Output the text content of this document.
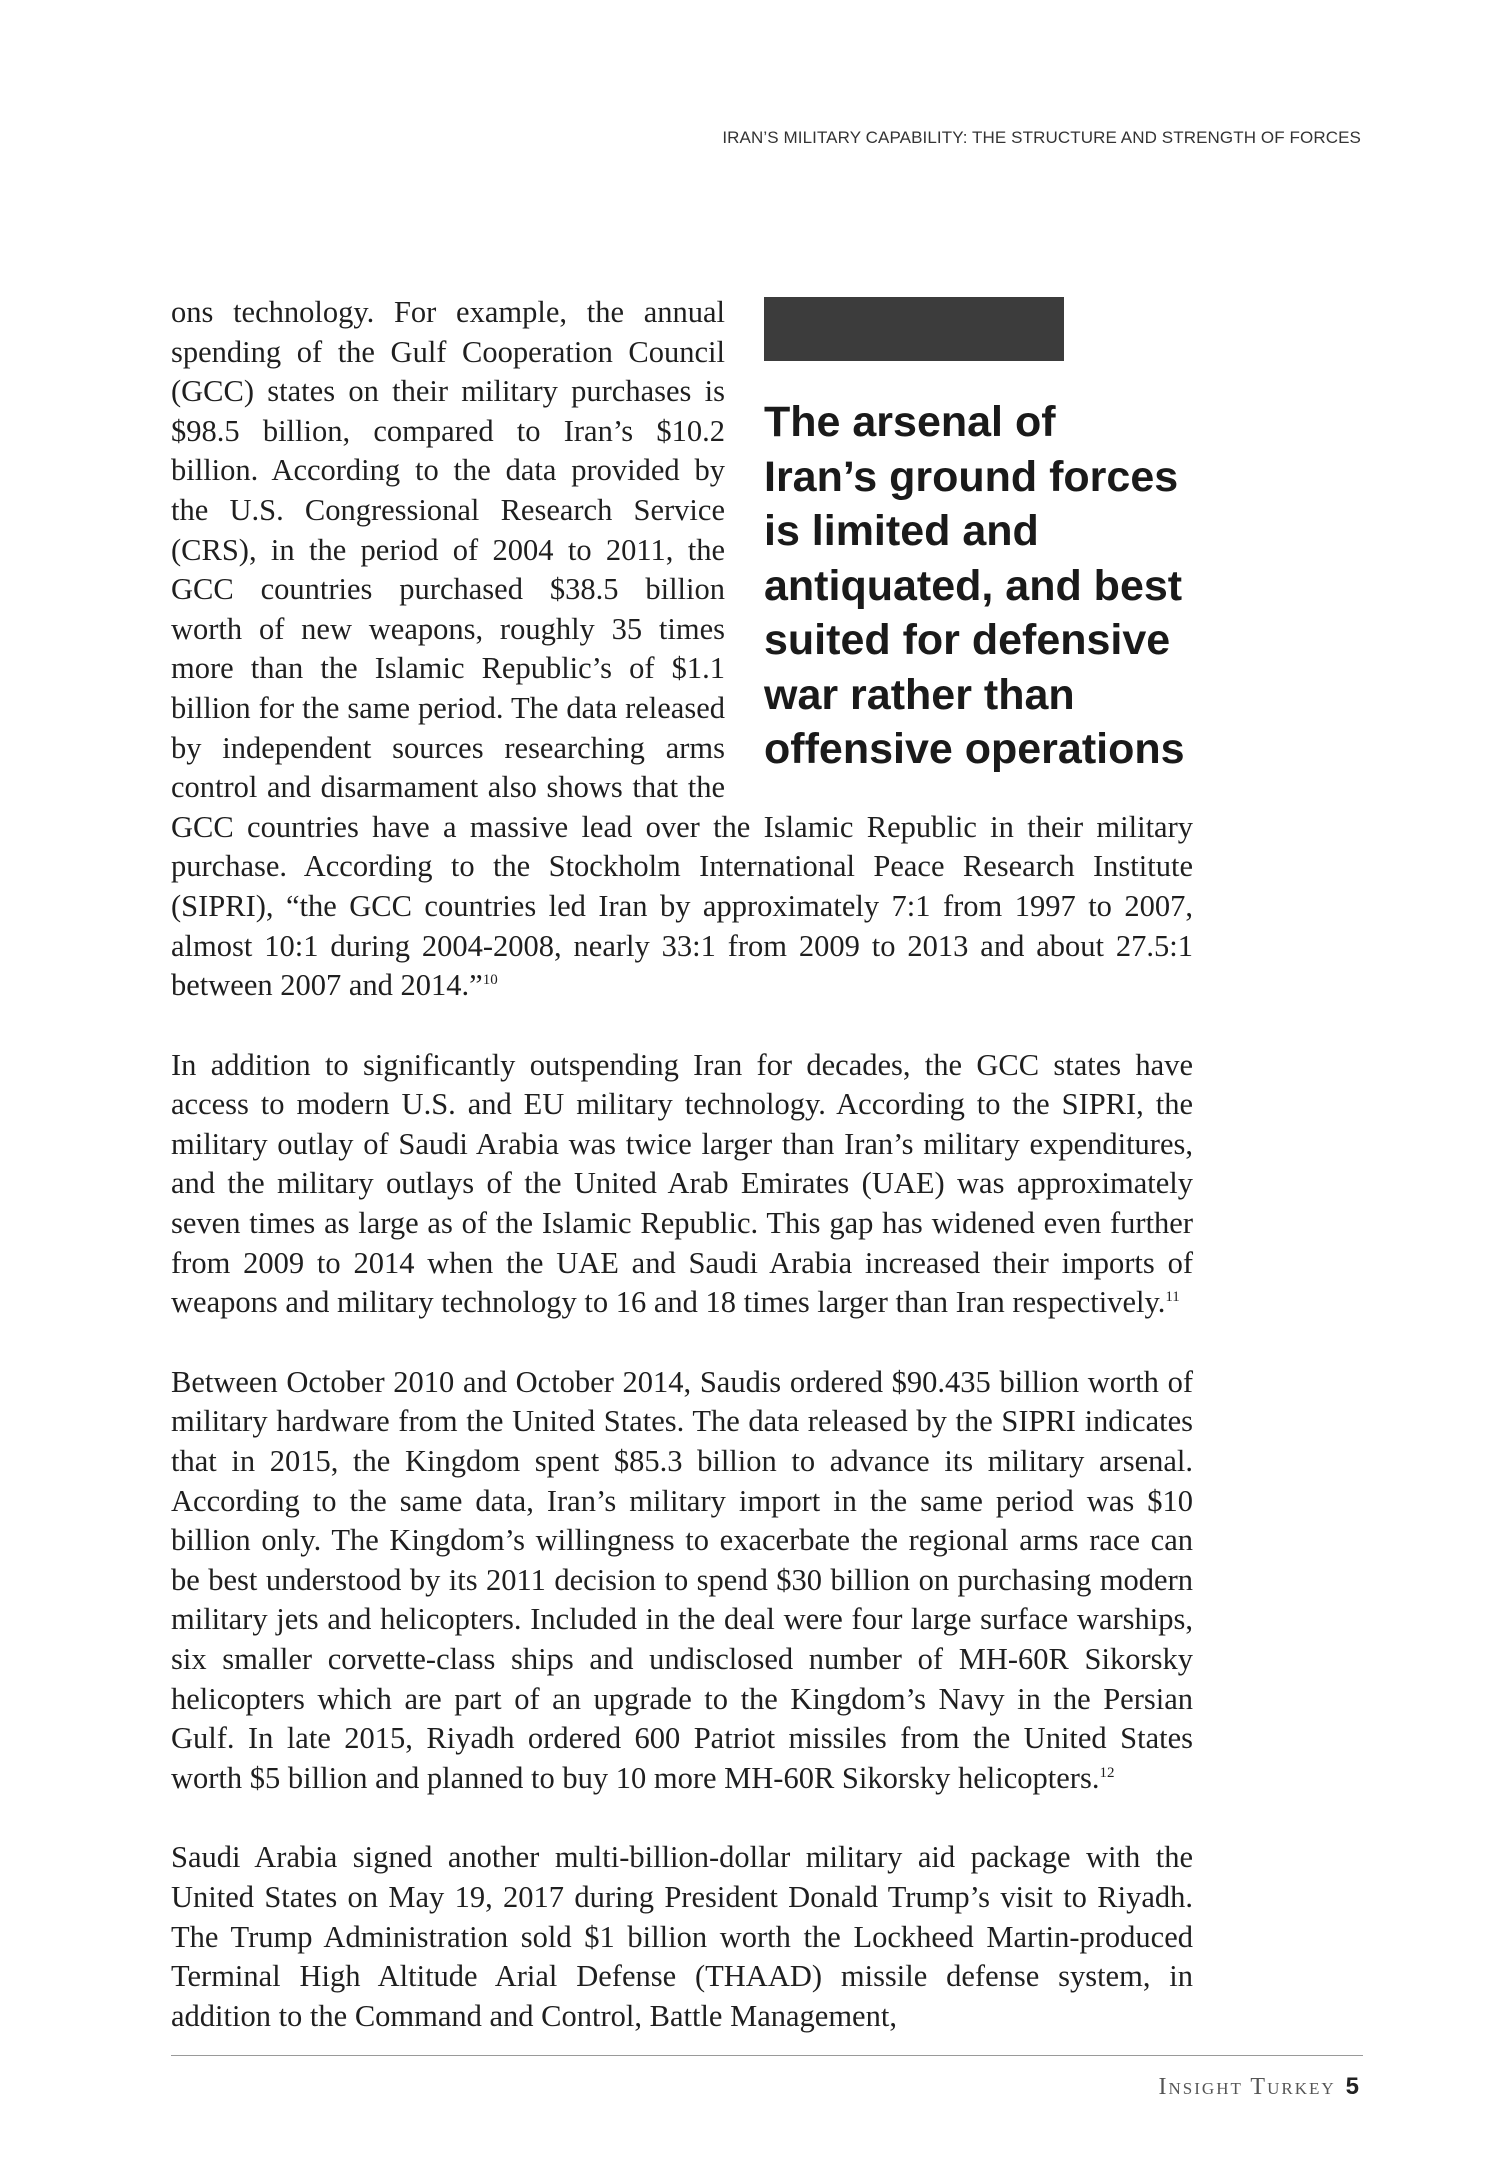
IRAN’S MILITARY CAPABILITY: THE STRUCTURE AND STRENGTH OF FORCES
The arsenal of
Iran’s ground forces
is limited and
antiquated, and best
suited for defensive
war rather than
offensive operations

ons technology. For example, the annual spending of the Gulf Cooperation Council (GCC) states on their military purchases is $98.5 billion, compared to Iran’s $10.2 billion. According to the data provided by the U.S. Congressional Research Service (CRS), in the period of 2004 to 2011, the GCC countries purchased $38.5 billion worth of new weapons, roughly 35 times more than the Islamic Republic’s of $1.1 billion for the same period. The data released by independent sources researching arms control and disarmament also shows that the GCC countries have a massive lead over the Islamic Republic in their military purchase. According to the Stockholm International Peace Research Institute (SIPRI), “the GCC countries led Iran by approximately 7:1 from 1997 to 2007, almost 10:1 during 2004-2008, nearly 33:1 from 2009 to 2013 and about 27.5:1 between 2007 and 2014.”$^{10}$

In addition to significantly outspending Iran for decades, the GCC states have access to modern U.S. and EU military technology. According to the SIPRI, the military outlay of Saudi Arabia was twice larger than Iran’s military expenditures, and the military outlays of the United Arab Emirates (UAE) was approximately seven times as large as of the Islamic Republic. This gap has widened even further from 2009 to 2014 when the UAE and Saudi Arabia increased their imports of weapons and military technology to 16 and 18 times larger than Iran respectively.$^{11}$

Between October 2010 and October 2014, Saudis ordered $90.435 billion worth of military hardware from the United States. The data released by the SIPRI indicates that in 2015, the Kingdom spent $85.3 billion to advance its military arsenal. According to the same data, Iran’s military import in the same period was $10 billion only. The Kingdom’s willingness to exacerbate the regional arms race can be best understood by its 2011 decision to spend $30 billion on purchasing modern military jets and helicopters. Included in the deal were four large surface warships, six smaller corvette-class ships and undisclosed number of MH-60R Sikorsky helicopters which are part of an upgrade to the Kingdom’s Navy in the Persian Gulf. In late 2015, Riyadh ordered 600 Patriot missiles from the United States worth $5 billion and planned to buy 10 more MH-60R Sikorsky helicopters.$^{12}$

Saudi Arabia signed another multi-billion-dollar military aid package with the United States on May 19, 2017 during President Donald Trump’s visit to Riyadh. The Trump Administration sold $1 billion worth the Lockheed Martin-produced Terminal High Altitude Arial Defense (THAAD) missile defense system, in addition to the Command and Control, Battle Management,

Insight Turkey 5
